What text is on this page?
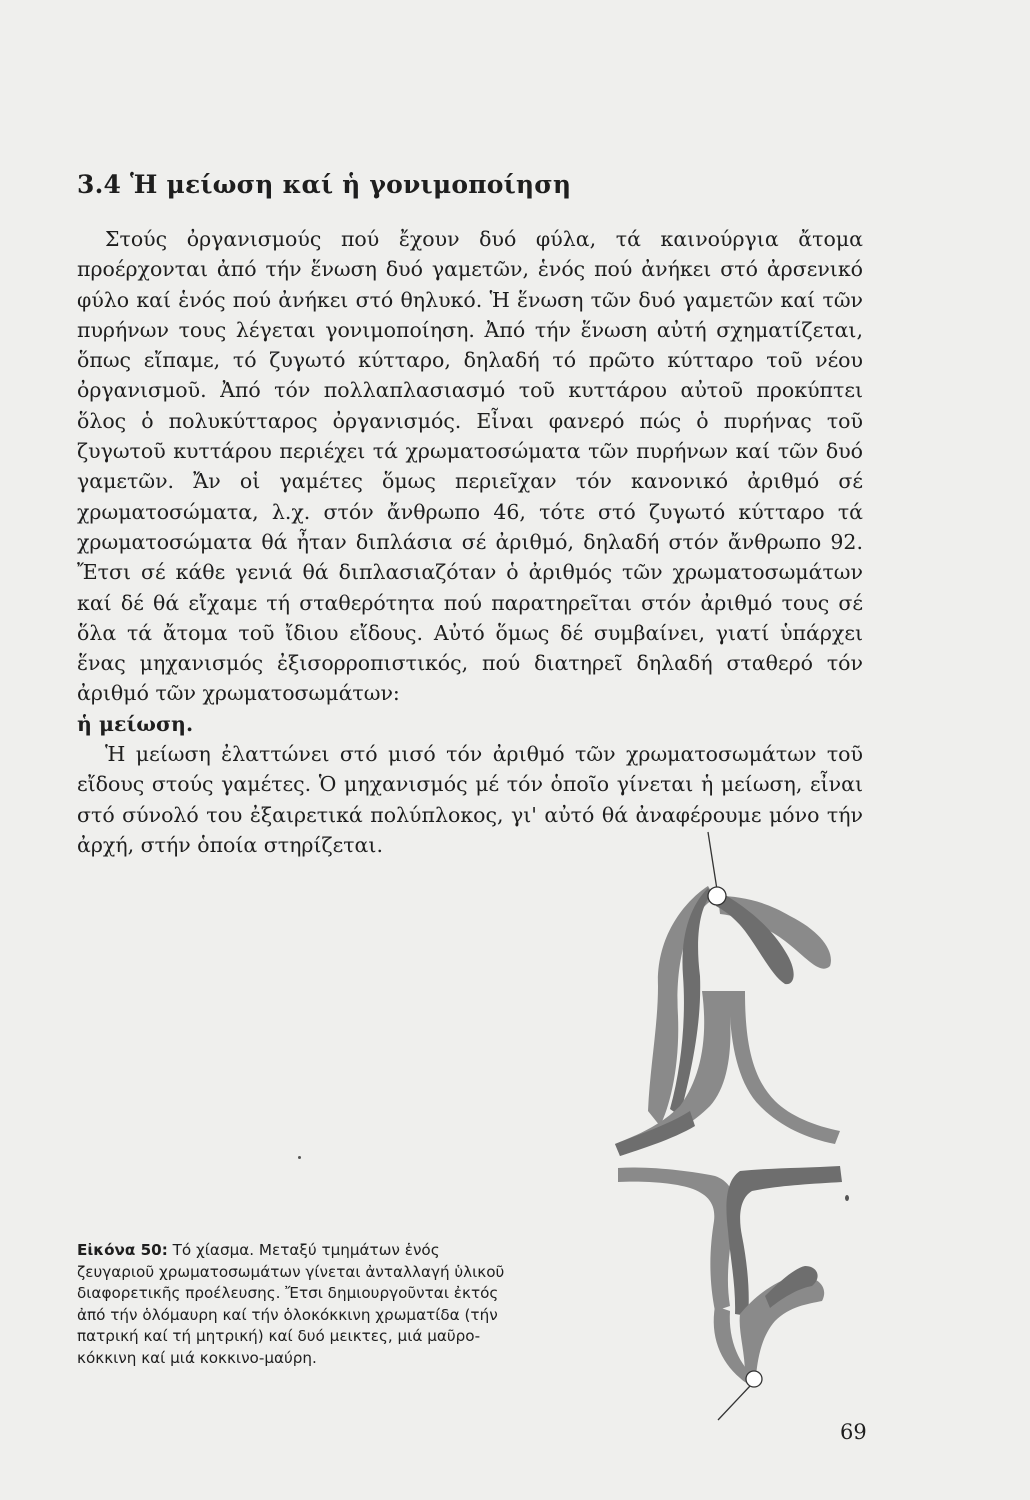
3.4 Ἡ μείωση καί ἡ γονιμοποίηση

Στούς ὀργανισμούς πού ἔχουν δυό φύλα, τά καινούργια ἄτομα προέρχονται ἀπό τήν ἕνωση δυό γαμετῶν, ἑνός πού ἀνήκει στό ἀρσενικό φύλο καί ἑνός πού ἀνήκει στό θηλυκό. Ἡ ἕνωση τῶν δυό γαμετῶν καί τῶν πυρήνων τους λέγεται γονιμοποίηση. Ἀπό τήν ἕνωση αὐτή σχηματίζεται, ὅπως εἴπαμε, τό ζυγωτό κύτταρο, δηλαδή τό πρῶτο κύτταρο τοῦ νέου ὀργανισμοῦ. Ἀπό τόν πολλαπλασιασμό τοῦ κυττάρου αὐτοῦ προκύπτει ὅλος ὁ πολυκύτταρος ὀργανισμός. Εἶναι φανερό πώς ὁ πυρήνας τοῦ ζυγωτοῦ κυττάρου περιέχει τά χρωματοσώματα τῶν πυρήνων καί τῶν δυό γαμετῶν. Ἄν οἱ γαμέτες ὅμως περιεῖχαν τόν κανονικό ἀριθμό σέ χρωματοσώματα, λ.χ. στόν ἄνθρωπο 46, τότε στό ζυγωτό κύτταρο τά χρωματοσώματα θά ἦταν διπλάσια σέ ἀριθμό, δηλαδή στόν ἄνθρωπο 92. Ἔτσι σέ κάθε γενιά θά διπλασιαζόταν ὁ ἀριθμός τῶν χρωματοσωμάτων καί δέ θά εἴχαμε τή σταθερότητα πού παρατηρεῖται στόν ἀριθμό τους σέ ὅλα τά ἄτομα τοῦ ἴδιου εἴδους. Αὐτό ὅμως δέ συμβαίνει, γιατί ὑπάρχει ἕνας μηχανισμός ἐξισορροπιστικός, πού διατηρεῖ δηλαδή σταθερό τόν ἀριθμό τῶν χρωματοσωμάτων:
ἡ μείωση.

Ἡ μείωση ἐλαττώνει στό μισό τόν ἀριθμό τῶν χρωματοσωμάτων τοῦ εἴδους στούς γαμέτες. Ὁ μηχανισμός μέ τόν ὁποῖο γίνεται ἡ μείωση, εἶναι στό σύνολό του ἐξαιρετικά πολύπλοκος, γι' αὐτό θά ἀναφέρουμε μόνο τήν ἀρχή, στήν ὁποία στηρίζεται.

Εἰκόνα 50: Τό χίασμα. Μεταξύ τμημάτων ἑνός ζευγαριοῦ χρωματοσωμάτων γίνεται ἀνταλλαγή ὑλικοῦ διαφορετικῆς προέλευσης. Ἔτσι δημιουργοῦνται ἐκτός ἀπό τήν ὁλόμαυρη καί τήν ὁλοκόκκινη χρωματίδα (τήν πατρική καί τή μητρική) καί δυό μεικτες, μιά μαῦρο-κόκκινη καί μιά κοκκινο-μαύρη.

69
